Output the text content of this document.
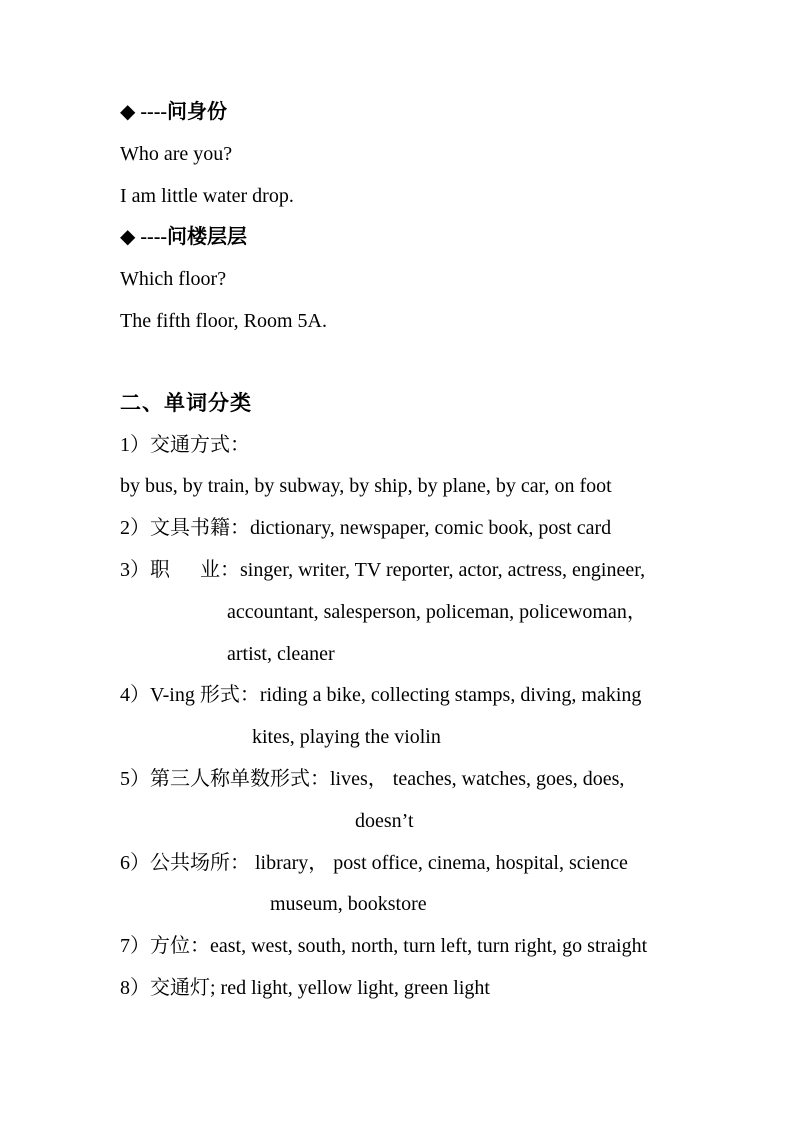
◆ ----问身份

Who are you?

I am little water drop.

◆ ----问楼层层

Which floor?

The fifth floor, Room 5A.

二、单词分类

1）交通方式：

by bus, by train, by subway, by ship, by plane, by car, on foot

2）文具书籍：dictionary, newspaper, comic book, post card

3）职      业：singer, writer, TV reporter, actor, actress, engineer,

accountant, salesperson, policeman, policewoman，

artist, cleaner

4）V-ing 形式：riding a bike, collecting stamps, diving, making

kites, playing the violin

5）第三人称单数形式：lives， teaches, watches, goes, does,

doesn’t

6）公共场所： library， post office, cinema, hospital, science

museum, bookstore

7）方位：east, west, south, north, turn left, turn right, go straight

8）交通灯; red light, yellow light, green light
